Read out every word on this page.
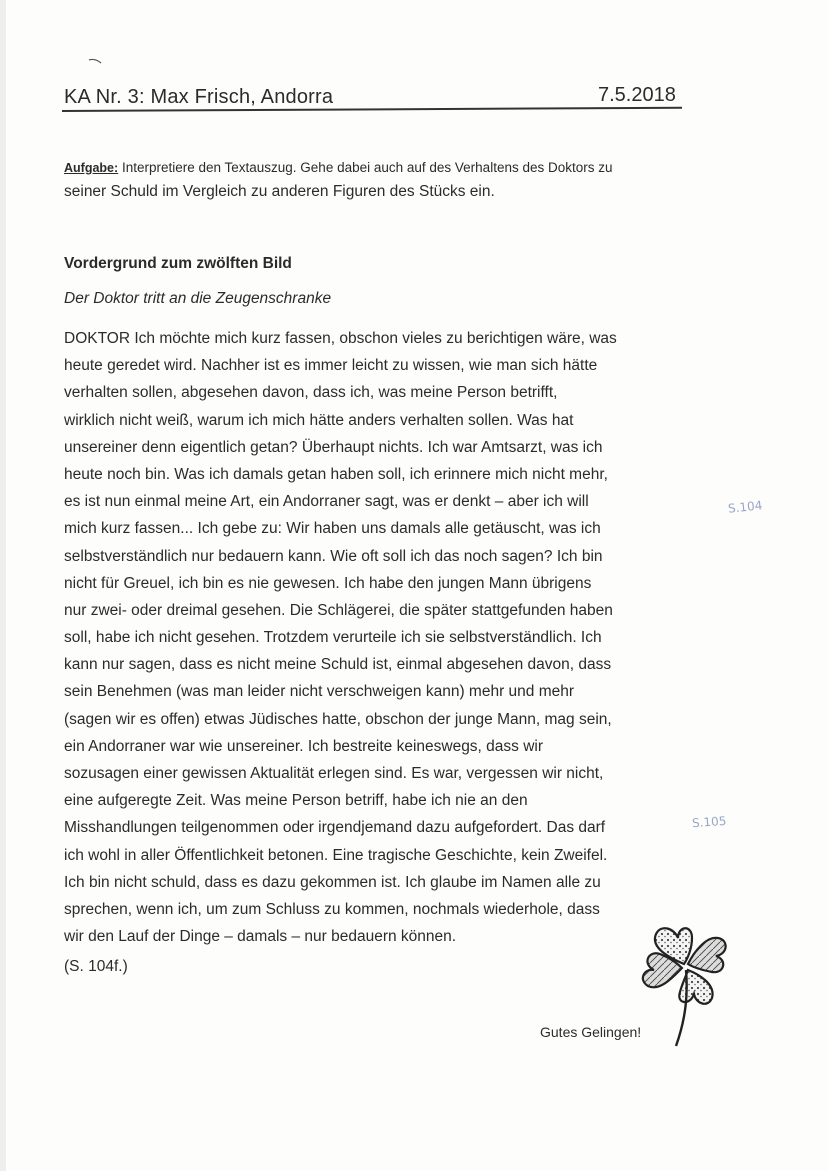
KA Nr. 3: Max Frisch, Andorra	7.5.2018
Aufgabe: Interpretiere den Textauszug. Gehe dabei auch auf des Verhaltens des Doktors zu
seiner Schuld im Vergleich zu anderen Figuren des Stücks ein.
Vordergrund zum zwölften Bild
Der Doktor tritt an die Zeugenschranke
DOKTOR Ich möchte mich kurz fassen, obschon vieles zu berichtigen wäre, was
heute geredet wird. Nachher ist es immer leicht zu wissen, wie man sich hätte
verhalten sollen, abgesehen davon, dass ich, was meine Person betrifft,
wirklich nicht weiß, warum ich mich hätte anders verhalten sollen. Was hat
unsereiner denn eigentlich getan? Überhaupt nichts. Ich war Amtsarzt, was ich
heute noch bin. Was ich damals getan haben soll, ich erinnere mich nicht mehr,
es ist nun einmal meine Art, ein Andorraner sagt, was er denkt – aber ich will
mich kurz fassen... Ich gebe zu: Wir haben uns damals alle getäuscht, was ich
selbstverständlich nur bedauern kann. Wie oft soll ich das noch sagen? Ich bin
nicht für Greuel, ich bin es nie gewesen. Ich habe den jungen Mann übrigens
nur zwei- oder dreimal gesehen. Die Schlägerei, die später stattgefunden haben
soll, habe ich nicht gesehen. Trotzdem verurteile ich sie selbstverständlich. Ich
kann nur sagen, dass es nicht meine Schuld ist, einmal abgesehen davon, dass
sein Benehmen (was man leider nicht verschweigen kann) mehr und mehr
(sagen wir es offen) etwas Jüdisches hatte, obschon der junge Mann, mag sein,
ein Andorraner war wie unsereiner. Ich bestreite keineswegs, dass wir
sozusagen einer gewissen Aktualität erlegen sind. Es war, vergessen wir nicht,
eine aufgeregte Zeit. Was meine Person betriff, habe ich nie an den
Misshandlungen teilgenommen oder irgendjemand dazu aufgefordert. Das darf
ich wohl in aller Öffentlichkeit betonen. Eine tragische Geschichte, kein Zweifel.
Ich bin nicht schuld, dass es dazu gekommen ist. Ich glaube im Namen alle zu
sprechen, wenn ich, um zum Schluss zu kommen, nochmals wiederhole, dass
wir den Lauf der Dinge – damals – nur bedauern können.
(S. 104f.)
S.104
S.105
Gutes Gelingen!
